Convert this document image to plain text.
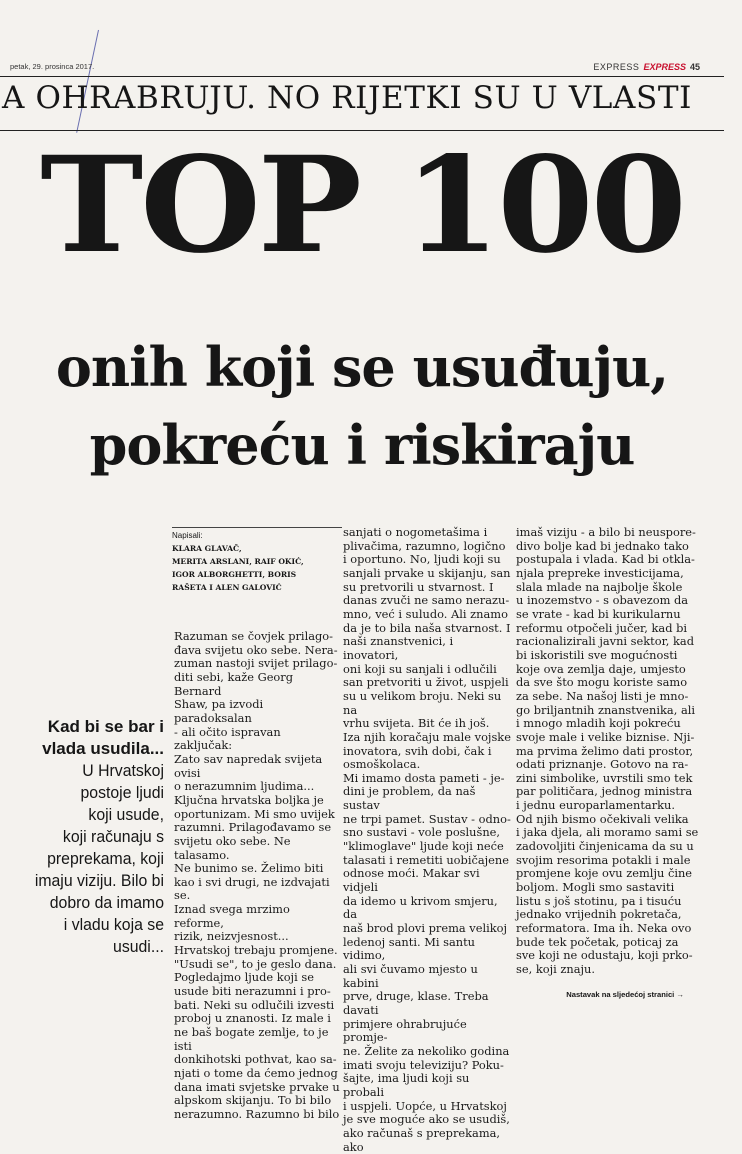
petak, 29. prosinca 2017.	EXPRESS EXPRESS 45
A OHRABRUJU. NO RIJETKI SU U VLASTI
TOP 100
onih koji se usuđuju,
pokreću i riskiraju
Napisali:
KLARA GLAVAČ,
MERITA ARSLANI, RAIF OKIĆ,
IGOR ALBORGHETTI, BORIS
RAŠETA I ALEN GALOVIĆ
Kad bi se bar i
vlada usudila...
U Hrvatskoj
postoje ljudi
koji usude,
koji računaju s
preprekama, koji
imaju viziju. Bilo bi
dobro da imamo
i vladu koja se
usudi...

Razuman se čovjek prilago-

đava svijetu oko sebe. Nera-

zuman nastoji svijet prilago-

diti sebi, kaže Georg Bernard

Shaw, pa izvodi paradoksalan

- ali očito ispravan zaključak:

Zato sav napredak svijeta ovisi

o nerazumnim ljudima...

Ključna hrvatska boljka je

oportunizam. Mi smo uvijek

razumni. Prilagođavamo se

svijetu oko sebe. Ne talasamo.

Ne bunimo se. Želimo biti

kao i svi drugi, ne izdvajati se.

Iznad svega mrzimo reforme,

rizik, neizvjesnost...

Hrvatskoj trebaju promjene.

"Usudi se", to je geslo dana.

Pogledajmo ljude koji se

usude biti nerazumni i pro-

bati. Neki su odlučili izvesti

proboj u znanosti. Iz male i

ne baš bogate zemlje, to je isti

donkihotski pothvat, kao sa-

njati o tome da ćemo jednog

dana imati svjetske prvake u

alpskom skijanju. To bi bilo

nerazumno. Razumno bi bilo

sanjati o nogometašima i

plivačima, razumno, logično

i oportuno. No, ljudi koji su

sanjali prvake u skijanju, san

su pretvorili u stvarnost. I

danas zvuči ne samo nerazu-

mno, već i suludo. Ali znamo

da je to bila naša stvarnost. I

naši znanstvenici, i inovatori,

oni koji su sanjali i odlučili

san pretvoriti u život, uspjeli

su u velikom broju. Neki su na

vrhu svijeta. Bit će ih još.

Iza njih koračaju male vojske

inovatora, svih dobi, čak i

osmoškolaca.

Mi imamo dosta pameti - je-

dini je problem, da naš sustav

ne trpi pamet. Sustav - odno-

sno sustavi - vole poslušne,

"klimoglave" ljude koji neće

talasati i remetiti uobičajene

odnose moći. Makar svi vidjeli

da idemo u krivom smjeru, da

naš brod plovi prema velikoj

ledenoj santi. Mi santu vidimo,

ali svi čuvamo mjesto u kabini

prve, druge, klase. Treba davati

primjere ohrabrujuće promje-

ne. Želite za nekoliko godina

imati svoju televiziju? Poku-

šajte, ima ljudi koji su probali

i uspjeli. Uopće, u Hrvatskoj

je sve moguće ako se usudiš,

ako računaš s preprekama, ako

imaš viziju - a bilo bi neuspore-

divo bolje kad bi jednako tako

postupala i vlada. Kad bi otkla-

njala prepreke investicijama,

slala mlade na najbolje škole

u inozemstvo - s obavezom da

se vrate - kad bi kurikularnu

reformu otpočeli jučer, kad bi

racionalizirali javni sektor, kad

bi iskoristili sve mogućnosti

koje ova zemlja daje, umjesto

da sve što mogu koriste samo

za sebe. Na našoj listi je mno-

go briljantnih znanstvenika, ali

i mnogo mladih koji pokreću

svoje male i velike biznise. Nji-

ma prvima želimo dati prostor,

odati priznanje. Gotovo na ra-

zini simbolike, uvrstili smo tek

par političara, jednog ministra

i jednu europarlamentarku.

Od njih bismo očekivali velika

i jaka djela, ali moramo sami se

zadovoljiti činjenicama da su u

svojim resorima potakli i male

promjene koje ovu zemlju čine

boljom. Mogli smo sastaviti

listu s još stotinu, pa i tisuću

jednako vrijednih pokretača,

reformatora. Ima ih. Neka ovo

bude tek početak, poticaj za

sve koji ne odustaju, koji prko-

se, koji znaju.

Nastavak na sljedećoj stranici →
